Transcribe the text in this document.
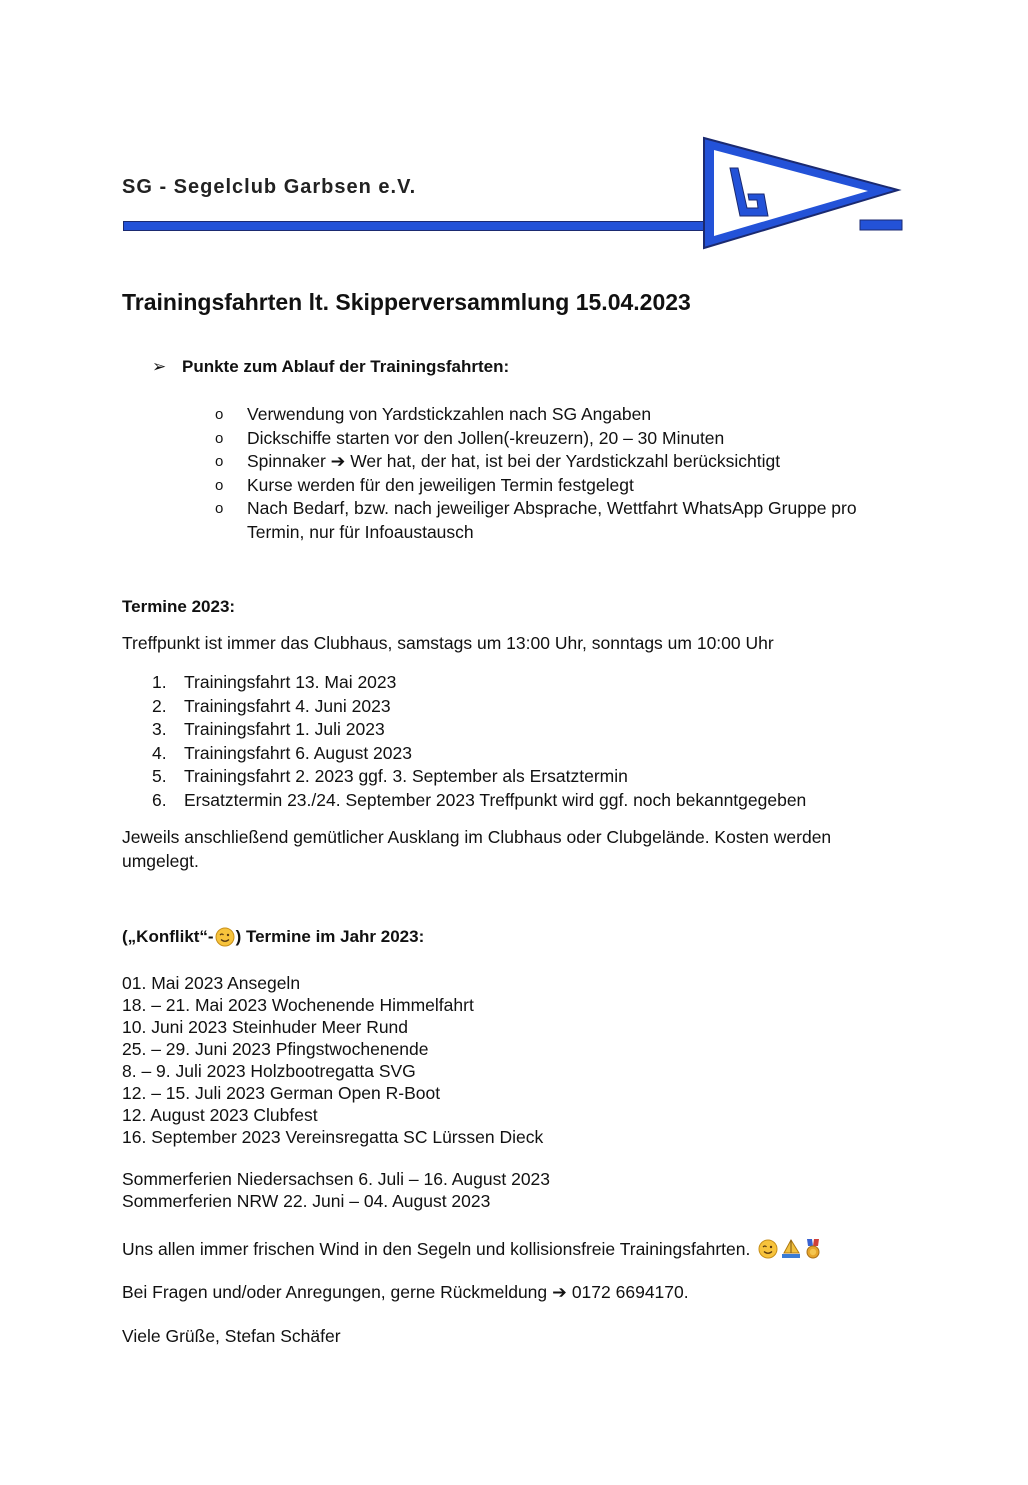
SG - Segelclub Garbsen e.V.
Trainingsfahrten lt. Skipperversammlung 15.04.2023
➢ Punkte zum Ablauf der Trainingsfahrten:
o	Verwendung von Yardstickzahlen nach SG Angaben
o	Dickschiffe starten vor den Jollen(-kreuzern), 20 – 30 Minuten
o	Spinnaker ➔ Wer hat, der hat, ist bei der Yardstickzahl berücksichtigt
o	Kurse werden für den jeweiligen Termin festgelegt
o	Nach Bedarf, bzw. nach jeweiliger Absprache, Wettfahrt WhatsApp Gruppe pro Termin, nur für Infoaustausch
Termine 2023:
Treffpunkt ist immer das Clubhaus, samstags um 13:00 Uhr, sonntags um 10:00 Uhr
1. Trainingsfahrt 13. Mai 2023
2. Trainingsfahrt 4. Juni 2023
3. Trainingsfahrt 1. Juli 2023
4. Trainingsfahrt 6. August 2023
5. Trainingsfahrt 2. 2023 ggf. 3. September als Ersatztermin
6. Ersatztermin 23./24. September 2023 Treffpunkt wird ggf. noch bekanntgegeben
Jeweils anschließend gemütlicher Ausklang im Clubhaus oder Clubgelände. Kosten werden umgelegt.
(„Konflikt“- ) Termine im Jahr 2023:
01. Mai 2023 Ansegeln
18. – 21. Mai 2023 Wochenende Himmelfahrt
10. Juni 2023 Steinhuder Meer Rund
25. – 29. Juni 2023 Pfingstwochenende
8. – 9. Juli 2023 Holzbootregatta SVG
12. – 15. Juli 2023 German Open R-Boot
12. August 2023 Clubfest
16. September 2023 Vereinsregatta SC Lürssen Dieck
Sommerferien Niedersachsen 6. Juli – 16. August 2023
Sommerferien NRW 22. Juni – 04. August 2023
Uns allen immer frischen Wind in den Segeln und kollisionsfreie Trainingsfahrten.
Bei Fragen und/oder Anregungen, gerne Rückmeldung ➔ 0172 6694170.
Viele Grüße, Stefan Schäfer
